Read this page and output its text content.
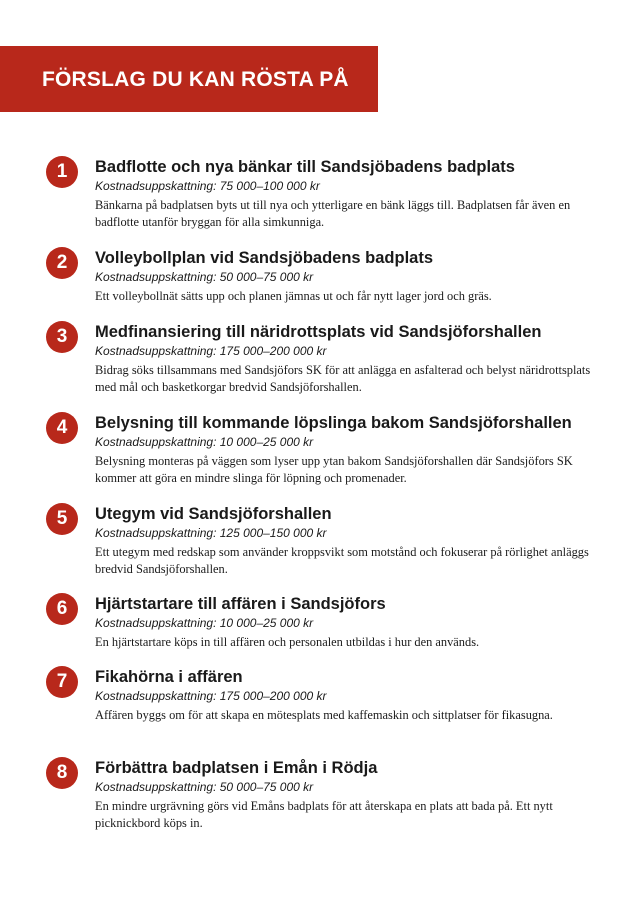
FÖRSLAG DU KAN RÖSTA PÅ
1	Badflotte och nya bänkar till Sandsjöbadens badplats

Kostnadsuppskattning: 75 000–100 000 kr

Bänkarna på badplatsen byts ut till nya och ytterligare en bänk läggs till. Badplatsen får även en badflotte utanför bryggan för alla simkunniga.

2	Volleybollplan vid Sandsjöbadens badplats

Kostnadsuppskattning: 50 000–75 000 kr

Ett volleybollnät sätts upp och planen jämnas ut och får nytt lager jord och gräs.

3	Medfinansiering till näridrottsplats vid Sandsjöforshallen

Kostnadsuppskattning: 175 000–200 000 kr

Bidrag söks tillsammans med Sandsjöfors SK för att anlägga en asfalterad och belyst näridrottsplats med mål och basketkorgar bredvid Sandsjöforshallen.

4	Belysning till kommande löpslinga bakom Sandsjöforshallen

Kostnadsuppskattning: 10 000–25 000 kr

Belysning monteras på väggen som lyser upp ytan bakom Sandsjöforshallen där Sandsjöfors SK kommer att göra en mindre slinga för löpning och promenader.

5	Utegym vid Sandsjöforshallen

Kostnadsuppskattning: 125 000–150 000 kr

Ett utegym med redskap som använder kroppsvikt som motstånd och fokuserar på rörlighet anläggs bredvid Sandsjöforshallen.

6	Hjärtstartare till affären i Sandsjöfors

Kostnadsuppskattning: 10 000–25 000 kr

En hjärtstartare köps in till affären och personalen utbildas i hur den används.

7	Fikahörna i affären

Kostnadsuppskattning: 175 000–200 000 kr

Affären byggs om för att skapa en mötesplats med kaffemaskin och sittplatser för fikasugna.

8	Förbättra badplatsen i Emån i Rödja

Kostnadsuppskattning: 50 000–75 000 kr

En mindre urgrävning görs vid Emåns badplats för att återskapa en plats att bada på. Ett nytt picknickbord köps in.
